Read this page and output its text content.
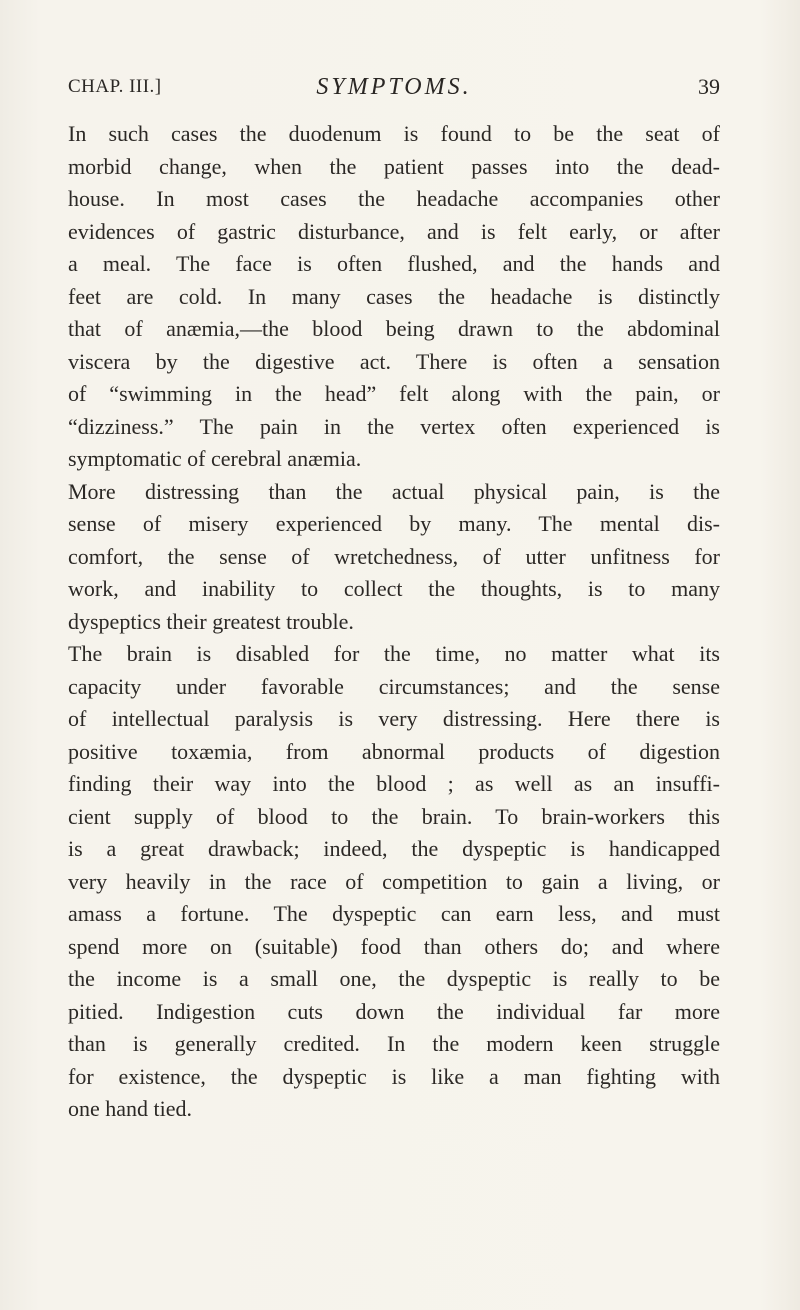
CHAP. III.]	SYMPTOMS.	39
In such cases the duodenum is found to be the seat of
morbid change, when the patient passes into the dead-
house. In most cases the headache accompanies other
evidences of gastric disturbance, and is felt early, or after
a meal. The face is often flushed, and the hands and
feet are cold. In many cases the headache is distinctly
that of anæmia,—the blood being drawn to the abdominal
viscera by the digestive act. There is often a sensation
of “swimming in the head” felt along with the pain, or
“dizziness.” The pain in the vertex often experienced is
symptomatic of cerebral anæmia.
More distressing than the actual physical pain, is the
sense of misery experienced by many. The mental dis-
comfort, the sense of wretchedness, of utter unfitness for
work, and inability to collect the thoughts, is to many
dyspeptics their greatest trouble.
The brain is disabled for the time, no matter what its
capacity under favorable circumstances; and the sense
of intellectual paralysis is very distressing. Here there is
positive toxæmia, from abnormal products of digestion
finding their way into the blood ; as well as an insuffi-
cient supply of blood to the brain. To brain-workers this
is a great drawback; indeed, the dyspeptic is handicapped
very heavily in the race of competition to gain a living, or
amass a fortune. The dyspeptic can earn less, and must
spend more on (suitable) food than others do; and where
the income is a small one, the dyspeptic is really to be
pitied. Indigestion cuts down the individual far more
than is generally credited. In the modern keen struggle
for existence, the dyspeptic is like a man fighting with
one hand tied.
